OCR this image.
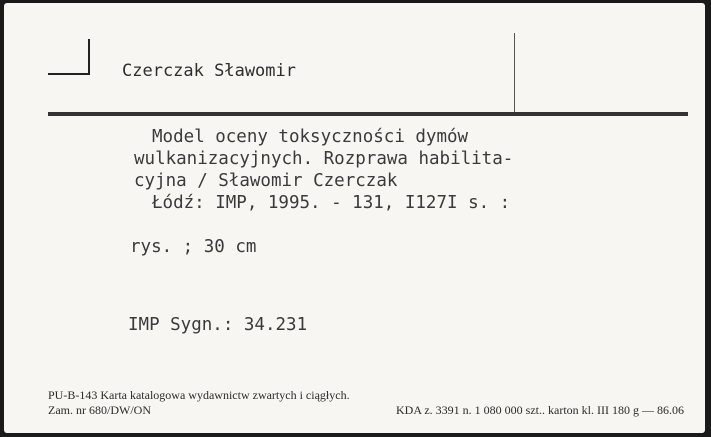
Czerczak Sławomir
Model oceny toksyczności dymów
wulkanizacyjnych. Rozprawa habilita-
cyjna / Sławomir Czerczak
Łódź: IMP, 1995. - 131, I127I s. :
rys. ; 30 cm
IMP Sygn.: 34.231
PU-B-143 Karta katalogowa wydawnictw zwartych i ciągłych.
Zam. nr 680/DW/ON	KDA z. 3391 n. 1 080 000 szt.. karton kl. III 180 g — 86.06
